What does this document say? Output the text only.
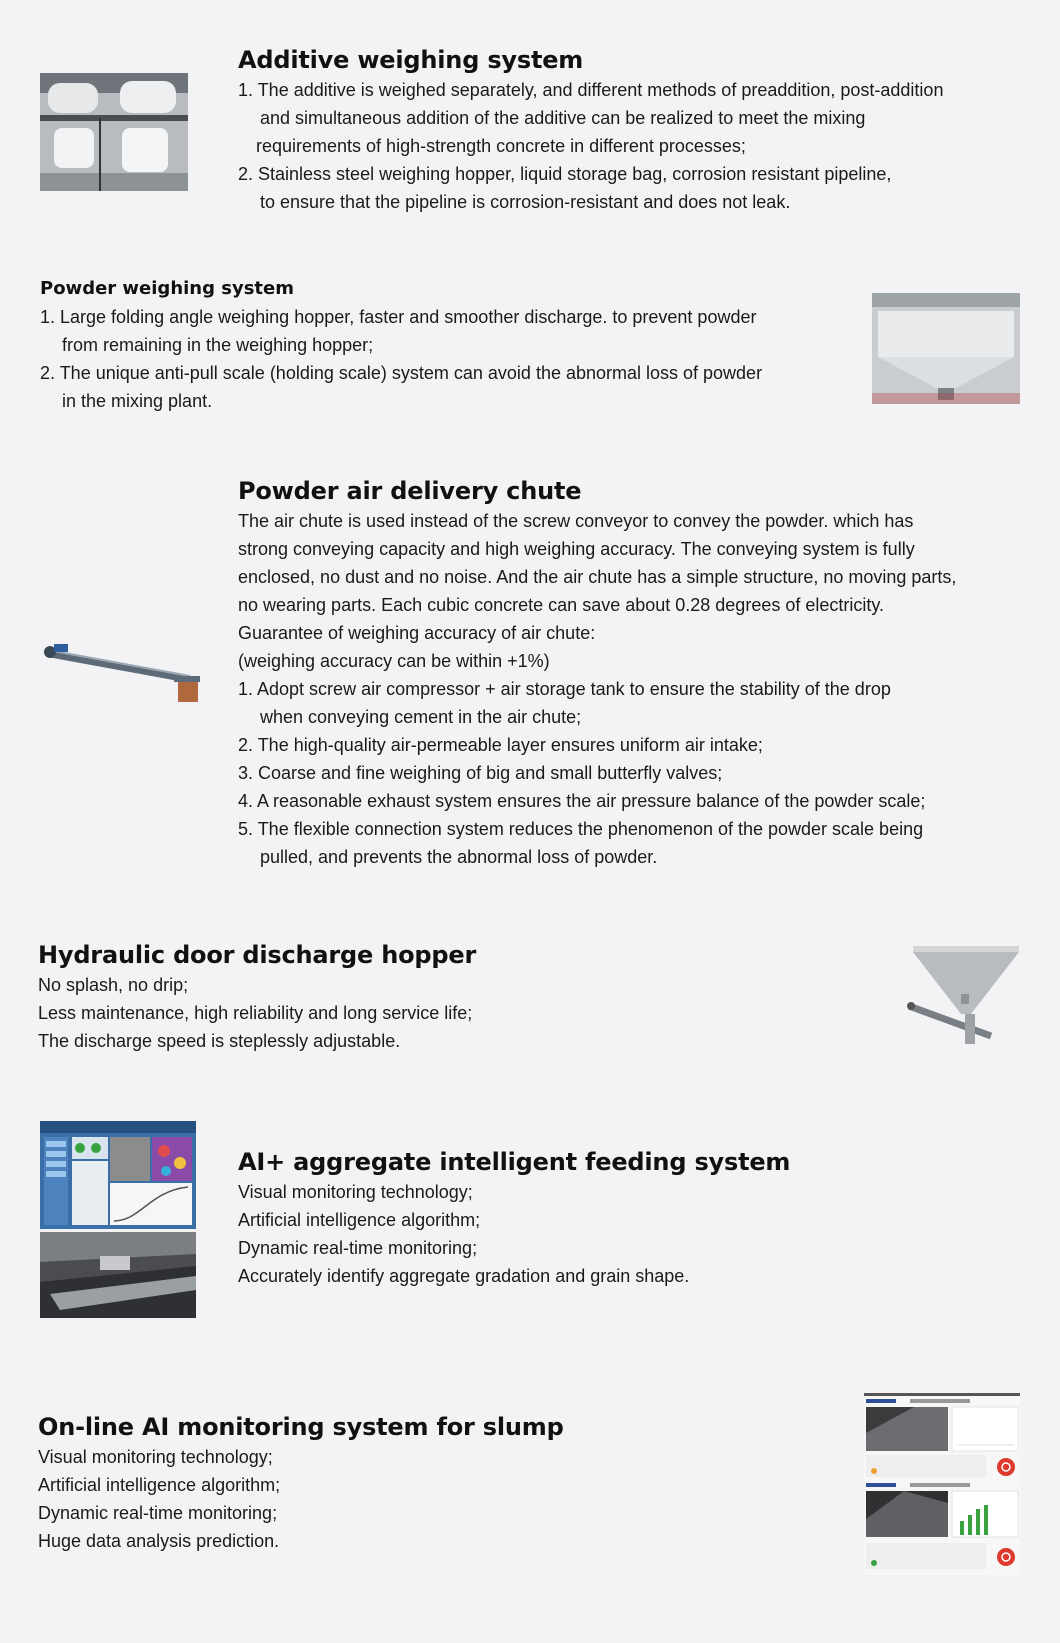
Additive weighing system
1. The additive is weighed separately, and different methods of preaddition, post-addition
and simultaneous addition of the additive can be realized to meet the mixing
requirements of high-strength concrete in different processes;
2. Stainless steel weighing hopper, liquid storage bag, corrosion resistant pipeline,
to ensure that the pipeline is corrosion-resistant and does not leak.
Powder weighing system
1. Large folding angle weighing hopper, faster and smoother discharge. to prevent powder
from remaining in the weighing hopper;
2. The unique anti-pull scale (holding scale) system can avoid the abnormal loss of powder
in the mixing plant.
Powder air delivery chute
The air chute is used instead of the screw conveyor to convey the powder. which has
strong conveying capacity and high weighing accuracy. The conveying system is fully
enclosed, no dust and no noise. And the air chute has a simple structure, no moving parts,
no wearing parts. Each cubic concrete can save about 0.28 degrees of electricity.
Guarantee of weighing accuracy of air chute:
(weighing accuracy can be within +1%)
1. Adopt screw air compressor + air storage tank to ensure the stability of the drop
when conveying cement in the air chute;
2. The high-quality air-permeable layer ensures uniform air intake;
3. Coarse and fine weighing of big and small butterfly valves;
4. A reasonable exhaust system ensures the air pressure balance of the powder scale;
5. The flexible connection system reduces the phenomenon of the powder scale being
pulled, and prevents the abnormal loss of powder.
Hydraulic door discharge hopper
No splash, no drip;
Less maintenance, high reliability and long service life;
The discharge speed is steplessly adjustable.
AI+ aggregate intelligent feeding system
Visual monitoring technology;
Artificial intelligence algorithm;
Dynamic real-time monitoring;
Accurately identify aggregate gradation and grain shape.
On-line AI monitoring system for slump
Visual monitoring technology;
Artificial intelligence algorithm;
Dynamic real-time monitoring;
Huge data analysis prediction.
